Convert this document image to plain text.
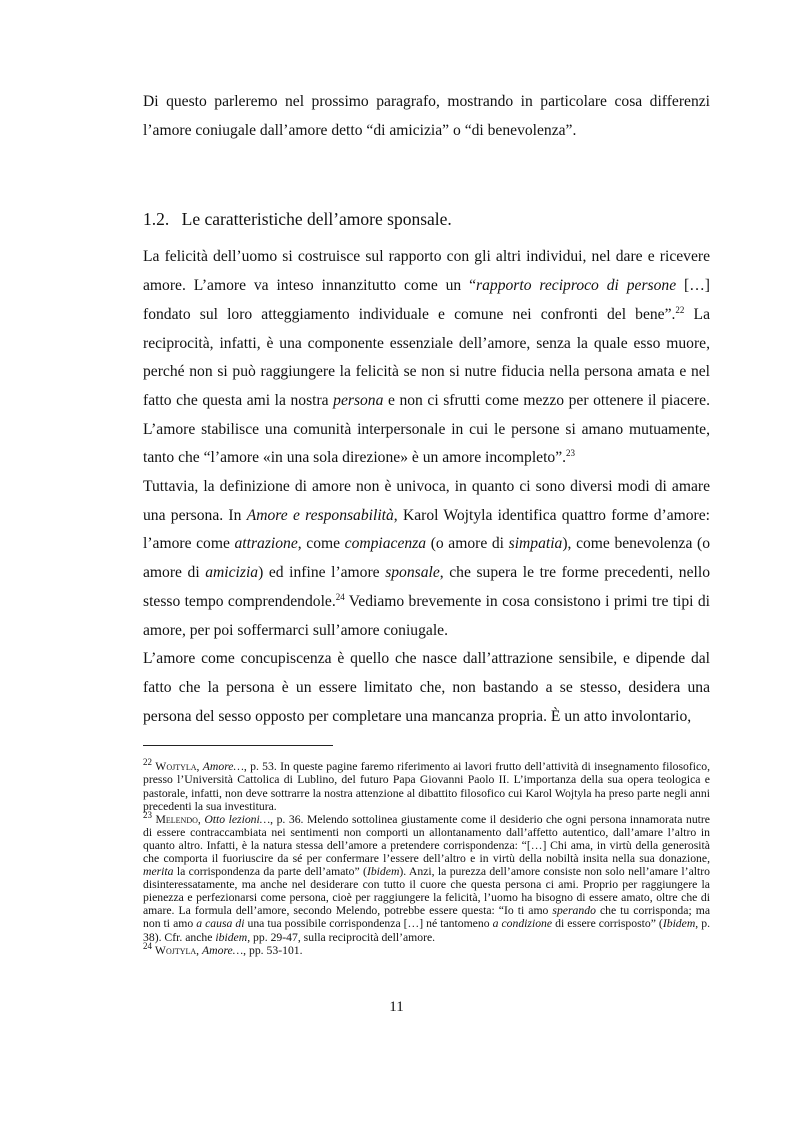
Di questo parleremo nel prossimo paragrafo, mostrando in particolare cosa differenzi l’amore coniugale dall’amore detto “di amicizia” o “di benevolenza”.

1.2. Le caratteristiche dell’amore sponsale.

La felicità dell’uomo si costruisce sul rapporto con gli altri individui, nel dare e ricevere amore. L’amore va inteso innanzitutto come un “rapporto reciproco di persone […] fondato sul loro atteggiamento individuale e comune nei confronti del bene”.$^{22}$ La reciprocità, infatti, è una componente essenziale dell’amore, senza la quale esso muore, perché non si può raggiungere la felicità se non si nutre fiducia nella persona amata e nel fatto che questa ami la nostra persona e non ci sfrutti come mezzo per ottenere il piacere. L’amore stabilisce una comunità interpersonale in cui le persone si amano mutuamente, tanto che “l’amore «in una sola direzione» è un amore incompleto”.$^{23}$

Tuttavia, la definizione di amore non è univoca, in quanto ci sono diversi modi di amare una persona. In Amore e responsabilità, Karol Wojtyla identifica quattro forme d’amore: l’amore come attrazione, come compiacenza (o amore di simpatia), come benevolenza (o amore di amicizia) ed infine l’amore sponsale, che supera le tre forme precedenti, nello stesso tempo comprendendole.$^{24}$ Vediamo brevemente in cosa consistono i primi tre tipi di amore, per poi soffermarci sull’amore coniugale.

L’amore come concupiscenza è quello che nasce dall’attrazione sensibile, e dipende dal fatto che la persona è un essere limitato che, non bastando a se stesso, desidera una persona del sesso opposto per completare una mancanza propria. È un atto involontario,

$^{22}$ Wojtyla, Amore…, p. 53. In queste pagine faremo riferimento ai lavori frutto dell’attività di insegnamento filosofico, presso l’Università Cattolica di Lublino, del futuro Papa Giovanni Paolo II. L’importanza della sua opera teologica e pastorale, infatti, non deve sottrarre la nostra attenzione al dibattito filosofico cui Karol Wojtyla ha preso parte negli anni precedenti la sua investitura.

$^{23}$ Melendo, Otto lezioni…, p. 36. Melendo sottolinea giustamente come il desiderio che ogni persona innamorata nutre di essere contraccambiata nei sentimenti non comporti un allontanamento dall’affetto autentico, dall’amare l’altro in quanto altro. Infatti, è la natura stessa dell’amore a pretendere corrispondenza: “[…] Chi ama, in virtù della generosità che comporta il fuoriuscire da sé per confermare l’essere dell’altro e in virtù della nobiltà insita nella sua donazione, merita la corrispondenza da parte dell’amato” (Ibidem). Anzi, la purezza dell’amore consiste non solo nell’amare l’altro disinteressatamente, ma anche nel desiderare con tutto il cuore che questa persona ci ami. Proprio per raggiungere la pienezza e perfezionarsi come persona, cioè per raggiungere la felicità, l’uomo ha bisogno di essere amato, oltre che di amare. La formula dell’amore, secondo Melendo, potrebbe essere questa: “Io ti amo sperando che tu corrisponda; ma non ti amo a causa di una tua possibile corrispondenza […] né tantomeno a condizione di essere corrisposto” (Ibidem, p. 38). Cfr. anche ibidem, pp. 29-47, sulla reciprocità dell’amore.

$^{24}$ Wojtyla, Amore…, pp. 53-101.

11
